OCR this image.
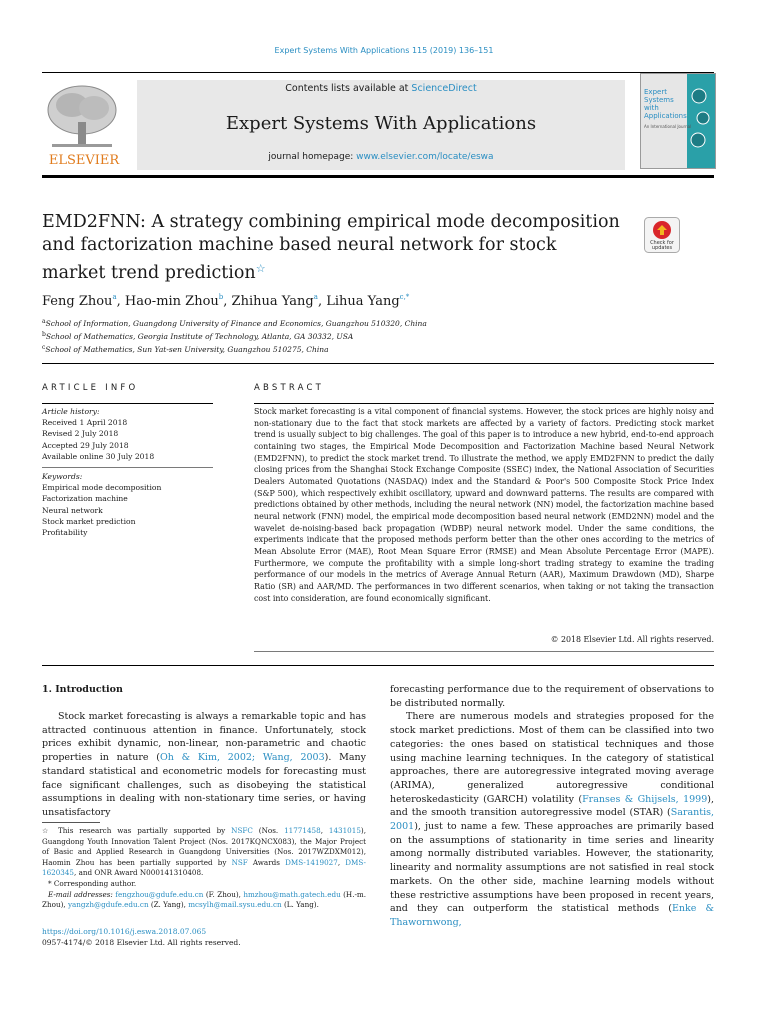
Expert Systems With Applications 115 (2019) 136–151
ELSEVIER
Contents lists available at ScienceDirect
Expert Systems With Applications
journal homepage: www.elsevier.com/locate/eswa
Expert
Systems
with
Applications
An International Journal
EMD2FNN: A strategy combining empirical mode decomposition and factorization machine based neural network for stock market trend prediction☆
Check for
updates
Feng Zhou$^a$, Hao-min Zhou$^b$, Zhihua Yang$^a$, Lihua Yang$^{c,*}$
$^a$School of Information, Guangdong University of Finance and Economics, Guangzhou 510320, China
$^b$School of Mathematics, Georgia Institute of Technology, Atlanta, GA 30332, USA
$^c$School of Mathematics, Sun Yat-sen University, Guangzhou 510275, China
ARTICLE INFO
Article history:
Received 1 April 2018
Revised 2 July 2018
Accepted 29 July 2018
Available online 30 July 2018
Keywords:
Empirical mode decomposition
Factorization machine
Neural network
Stock market prediction
Profitability
ABSTRACT
Stock market forecasting is a vital component of financial systems. However, the stock prices are highly noisy and non-stationary due to the fact that stock markets are affected by a variety of factors. Predicting stock market trend is usually subject to big challenges. The goal of this paper is to introduce a new hybrid, end-to-end approach containing two stages, the Empirical Mode Decomposition and Factorization Machine based Neural Network (EMD2FNN), to predict the stock market trend. To illustrate the method, we apply EMD2FNN to predict the daily closing prices from the Shanghai Stock Exchange Composite (SSEC) index, the National Association of Securities Dealers Automated Quotations (NASDAQ) index and the Standard & Poor's 500 Composite Stock Price Index (S&P 500), which respectively exhibit oscillatory, upward and downward patterns. The results are compared with predictions obtained by other methods, including the neural network (NN) model, the factorization machine based neural network (FNN) model, the empirical mode decomposition based neural network (EMD2NN) model and the wavelet de-noising-based back propagation (WDBP) neural network model. Under the same conditions, the experiments indicate that the proposed methods perform better than the other ones according to the metrics of Mean Absolute Error (MAE), Root Mean Square Error (RMSE) and Mean Absolute Percentage Error (MAPE). Furthermore, we compute the profitability with a simple long-short trading strategy to examine the trading performance of our models in the metrics of Average Annual Return (AAR), Maximum Drawdown (MD), Sharpe Ratio (SR) and AAR/MD. The performances in two different scenarios, when taking or not taking the transaction cost into consideration, are found economically significant.
© 2018 Elsevier Ltd. All rights reserved.
1. Introduction
Stock market forecasting is always a remarkable topic and has attracted continuous attention in finance. Unfortunately, stock prices exhibit dynamic, non-linear, non-parametric and chaotic properties in nature (Oh & Kim, 2002; Wang, 2003). Many standard statistical and econometric models for forecasting must face significant challenges, such as disobeying the statistical assumptions in dealing with non-stationary time series, or having unsatisfactory

forecasting performance due to the requirement of observations to be distributed normally.

There are numerous models and strategies proposed for the stock market predictions. Most of them can be classified into two categories: the ones based on statistical techniques and those using machine learning techniques. In the category of statistical approaches, there are autoregressive integrated moving average (ARIMA), generalized autoregressive conditional heteroskedasticity (GARCH) volatility (Franses & Ghijsels, 1999), and the smooth transition autoregressive model (STAR) (Sarantis, 2001), just to name a few. These approaches are primarily based on the assumptions of stationarity in time series and linearity among normally distributed variables. However, the stationarity, linearity and normality assumptions are not satisfied in real stock markets. On the other side, machine learning models without these restrictive assumptions have been proposed in recent years, and they can outperform the statistical methods (Enke & Thawornwong,

☆ This research was partially supported by NSFC (Nos. 11771458, 1431015), Guangdong Youth Innovation Talent Project (Nos. 2017KQNCX083), the Major Project of Basic and Applied Research in Guangdong Universities (Nos. 2017WZDXM012), Haomin Zhou has been partially supported by NSF Awards DMS-1419027, DMS-1620345, and ONR Award N000141310408.

* Corresponding author.

E-mail addresses: fengzhou@gdufe.edu.cn (F. Zhou), hmzhou@math.gatech.edu (H.-m. Zhou), yangzh@gdufe.edu.cn (Z. Yang), mcsylh@mail.sysu.edu.cn (L. Yang).

https://doi.org/10.1016/j.eswa.2018.07.065
0957-4174/© 2018 Elsevier Ltd. All rights reserved.
